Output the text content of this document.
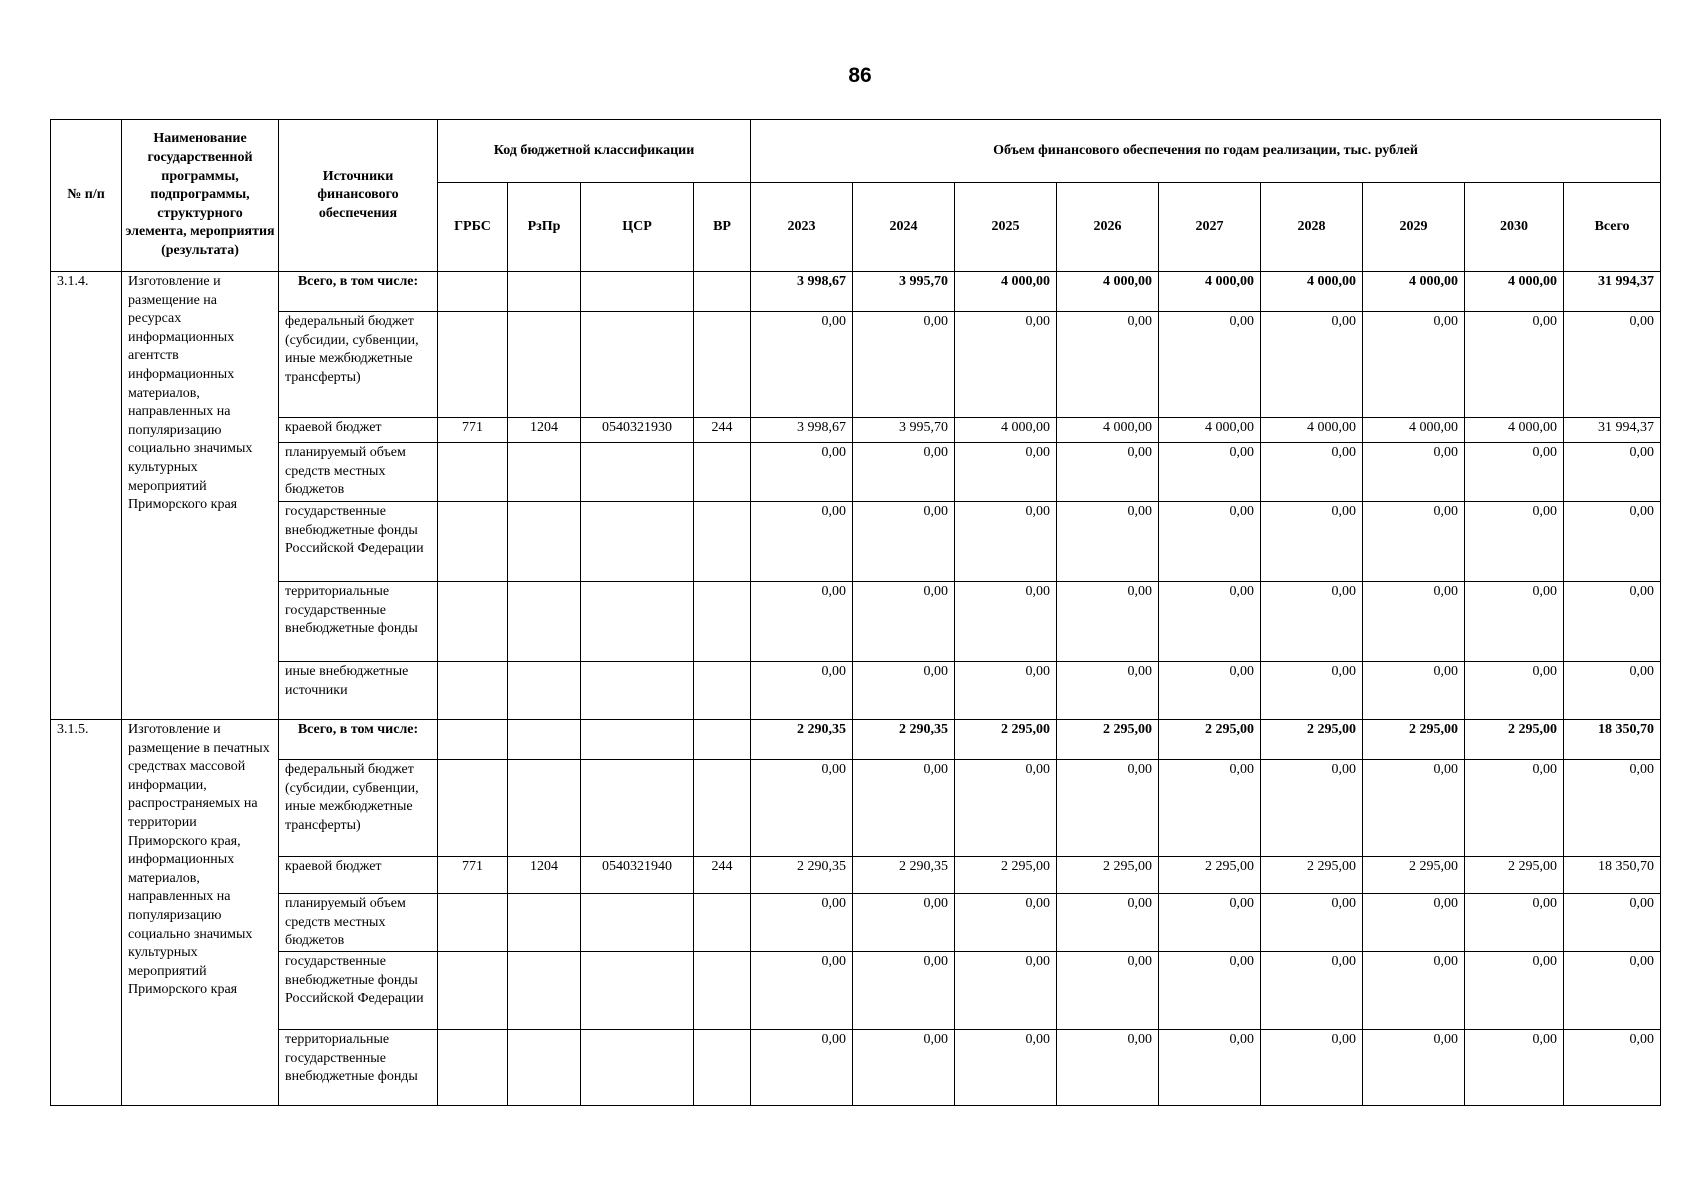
86
№ п/п	Наименование государственной программы, подпрограммы, структурного элемента, мероприятия (результата)	Источники финансового обеспечения	Код бюджетной классификации				Объем финансового обеспечения по годам реализации, тыс. рублей								
			ГРБС	РзПр	ЦСР	ВР	2023	2024	2025	2026	2027	2028	2029	2030	Всего
3.1.4.	Изготовление и размещение на ресурсах информационных агентств информационных материалов, направленных на популяризацию социально значимых культурных мероприятий Приморского края	Всего, в том числе:					3 998,67	3 995,70	4 000,00	4 000,00	4 000,00	4 000,00	4 000,00	4 000,00	31 994,37
		федеральный бюджет (субсидии, субвенции, иные межбюджетные трансферты)					0,00	0,00	0,00	0,00	0,00	0,00	0,00	0,00	0,00
		краевой бюджет	771	1204	0540321930	244	3 998,67	3 995,70	4 000,00	4 000,00	4 000,00	4 000,00	4 000,00	4 000,00	31 994,37
		планируемый объем средств местных бюджетов					0,00	0,00	0,00	0,00	0,00	0,00	0,00	0,00	0,00
		государственные внебюджетные фонды Российской Федерации					0,00	0,00	0,00	0,00	0,00	0,00	0,00	0,00	0,00
		территориальные государственные внебюджетные фонды					0,00	0,00	0,00	0,00	0,00	0,00	0,00	0,00	0,00
		иные внебюджетные источники					0,00	0,00	0,00	0,00	0,00	0,00	0,00	0,00	0,00
3.1.5.	Изготовление и размещение в печатных средствах массовой информации, распространяемых на территории Приморского края, информационных материалов, направленных на популяризацию социально значимых культурных мероприятий Приморского края	Всего, в том числе:					2 290,35	2 290,35	2 295,00	2 295,00	2 295,00	2 295,00	2 295,00	2 295,00	18 350,70
		федеральный бюджет (субсидии, субвенции, иные межбюджетные трансферты)					0,00	0,00	0,00	0,00	0,00	0,00	0,00	0,00	0,00
		краевой бюджет	771	1204	0540321940	244	2 290,35	2 290,35	2 295,00	2 295,00	2 295,00	2 295,00	2 295,00	2 295,00	18 350,70
		планируемый объем средств местных бюджетов					0,00	0,00	0,00	0,00	0,00	0,00	0,00	0,00	0,00
		государственные внебюджетные фонды Российской Федерации					0,00	0,00	0,00	0,00	0,00	0,00	0,00	0,00	0,00
		территориальные государственные внебюджетные фонды					0,00	0,00	0,00	0,00	0,00	0,00	0,00	0,00	0,00
